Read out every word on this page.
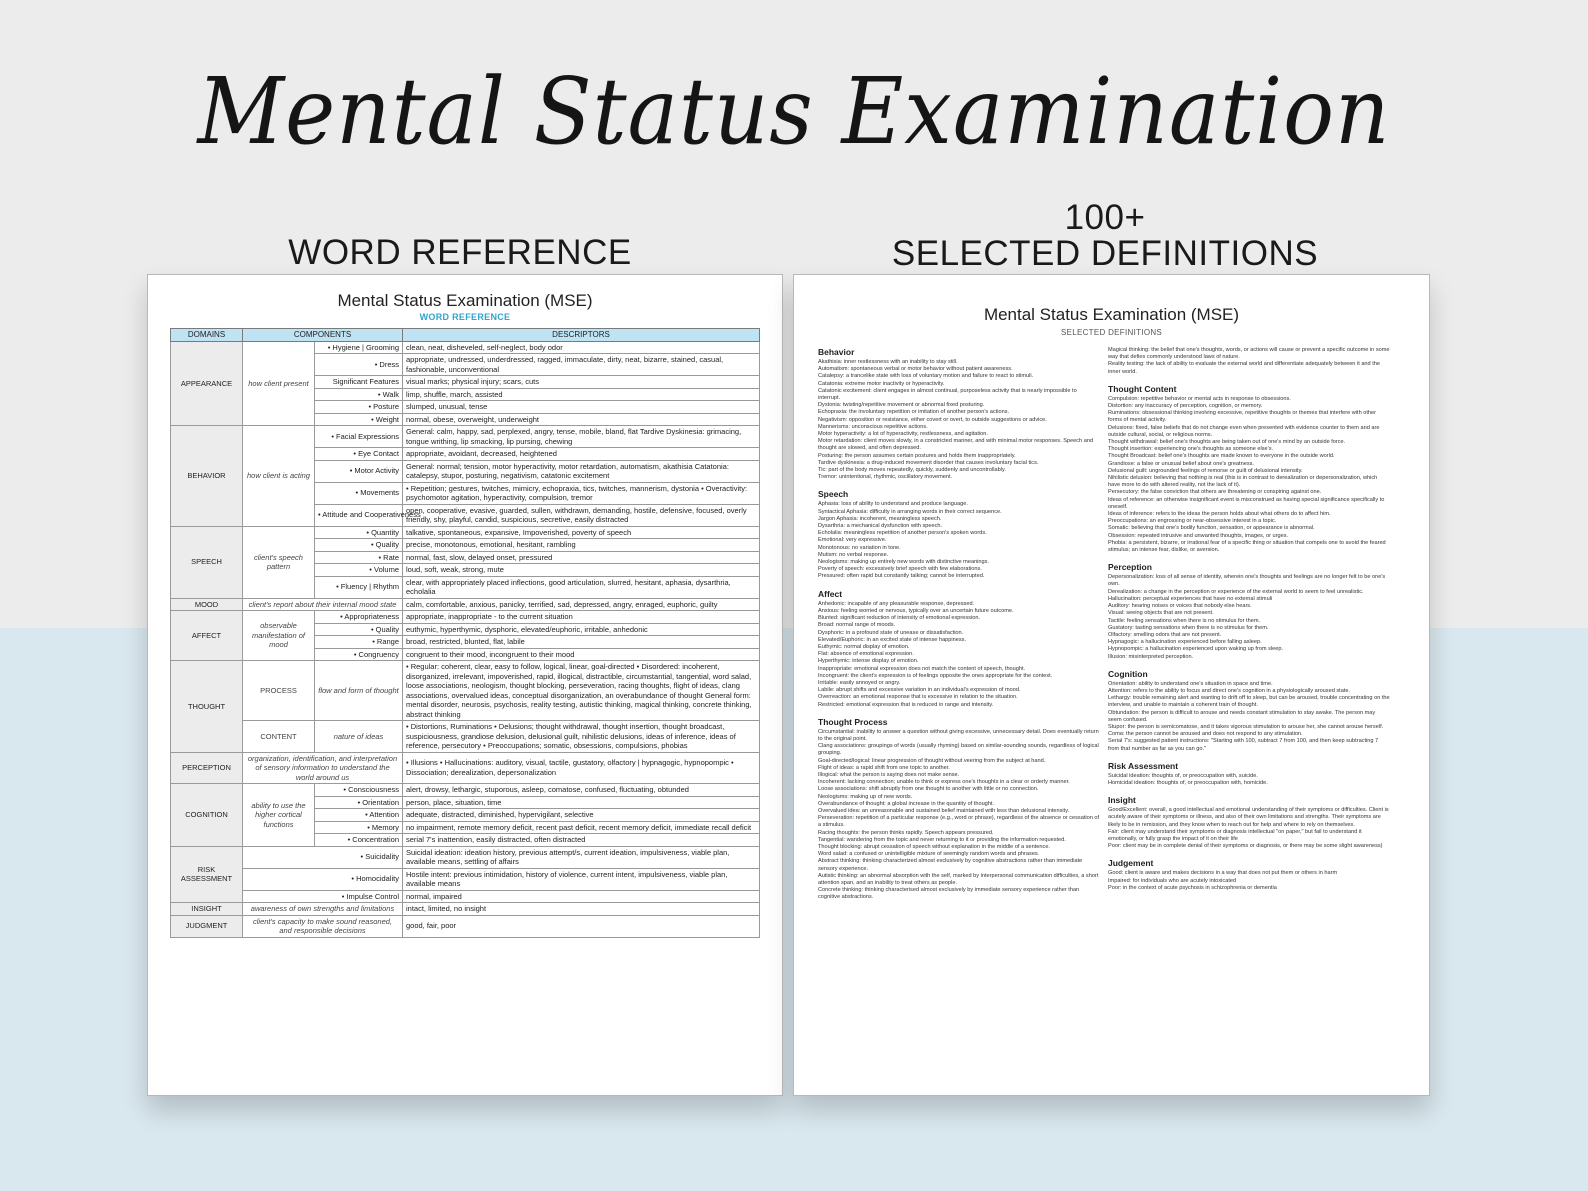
Mental Status Examination
WORD REFERENCE
100+
SELECTED DEFINITIONS
Mental Status Examination (MSE)
WORD REFERENCE
DOMAINS	COMPONENTS		DESCRIPTORS
APPEARANCE	how client present	• Hygiene | Grooming	clean, neat, disheveled, self-neglect, body odor
		• Dress	appropriate, undressed, underdressed, ragged, immaculate, dirty, neat, bizarre, stained, casual, fashionable, unconventional
		Significant Features	visual marks; physical injury; scars, cuts
		• Walk	limp, shuffle, march, assisted
		• Posture	slumped, unusual, tense
		• Weight	normal, obese, overweight, underweight
BEHAVIOR	how client is acting	• Facial Expressions	General: calm, happy, sad, perplexed, angry, tense, mobile, bland, flat Tardive Dyskinesia: grimacing, tongue writhing, lip smacking, lip pursing, chewing
		• Eye Contact	appropriate, avoidant, decreased, heightened
		• Motor Activity	General: normal; tension, motor hyperactivity, motor retardation, automatism, akathisia Catatonia: catalepsy, stupor, posturing, negativism, catatonic excitement
		• Movements	• Repetition; gestures, twitches, mimicry, echopraxia, tics, twitches, mannerism, dystonia • Overactivity: psychomotor agitation, hyperactivity, compulsion, tremor
		• Attitude and Cooperativeness	open, cooperative, evasive, guarded, sullen, withdrawn, demanding, hostile, defensive, focused, overly friendly, shy, playful, candid, suspicious, secretive, easily distracted
SPEECH	client's speech pattern	• Quantity	talkative, spontaneous, expansive, Impoverished, poverty of speech
		• Quality	precise, monotonous, emotional, hesitant, rambling
		• Rate	normal, fast, slow, delayed onset, pressured
		• Volume	loud, soft, weak, strong, mute
		• Fluency | Rhythm	clear, with appropriately placed inflections, good articulation, slurred, hesitant, aphasia, dysarthria, echolalia
MOOD	client's report about their internal mood state		calm, comfortable, anxious, panicky, terrified, sad, depressed, angry, enraged, euphoric, guilty
AFFECT	observable manifestation of mood	• Appropriateness	appropriate, inappropriate - to the current situation
		• Quality	euthymic, hyperthymic, dysphoric, elevated/euphoric, irritable, anhedonic
		• Range	broad, restricted, blunted, flat, labile
		• Congruency	congruent to their mood, incongruent to their mood
THOUGHT	PROCESS	flow and form of thought	• Regular: coherent, clear, easy to follow, logical, linear, goal-directed • Disordered: incoherent, disorganized, irrelevant, impoverished, rapid, illogical, distractible, circumstantial, tangential, word salad, loose associations, neologism, thought blocking, perseveration, racing thoughts, flight of ideas, clang associations, overvalued ideas, conceptual disorganization, an overabundance of thought General form: mental disorder, neurosis, psychosis, reality testing, autistic thinking, magical thinking, concrete thinking, abstract thinking
	CONTENT	nature of ideas	• Distortions, Ruminations • Delusions; thought withdrawal, thought insertion, thought broadcast, suspiciousness, grandiose delusion, delusional guilt, nihilistic delusions, ideas of inference, ideas of reference, persecutory • Preoccupations; somatic, obsessions, compulsions, phobias
PERCEPTION	organization, identification, and interpretation of sensory information to understand the world around us		• Illusions • Hallucinations: auditory, visual, tactile, gustatory, olfactory | hypnagogic, hypnopompic • Dissociation; derealization, depersonalization
COGNITION	ability to use the higher cortical functions	• Consciousness	alert, drowsy, lethargic, stuporous, asleep, comatose, confused, fluctuating, obtunded
		• Orientation	person, place, situation, time
		• Attention	adequate, distracted, diminished, hypervigilant, selective
		• Memory	no impairment, remote memory deficit, recent past deficit, recent memory deficit, immediate recall deficit
		• Concentration	serial 7's inattention, easily distracted, often distracted
RISK ASSESSMENT	• Suicidality		Suicidal ideation: ideation history, previous attempt/s, current ideation, impulsiveness, viable plan, available means, settling of affairs
	• Homocidality		Hostile intent: previous intimidation, history of violence, current intent, impulsiveness, viable plan, available means
	• Impulse Control		normal, impaired
INSIGHT	awareness of own strengths and limitations		intact, limited, no insight
JUDGMENT	client's capacity to make sound reasoned, and responsible decisions		good, fair, poor
Mental Status Examination (MSE)
SELECTED DEFINITIONS
Behavior
Akathisia: inner restlessness with an inability to stay still.
Automatism: spontaneous verbal or motor behavior without patient awareness.
Catalepsy: a trancelike state with loss of voluntary motion and failure to react to stimuli.
Catatonia: extreme motor inactivity or hyperactivity.
Catatonic excitement: client engages in almost continual, purposeless activity that is nearly impossible to interrupt.
Dystonia: twisting/repetitive movement or abnormal fixed posturing.
Echopraxia: the involuntary repetition or imitation of another person's actions.
Negativism: opposition or resistance, either covert or overt, to outside suggestions or advice.
Mannerisms: unconscious repetitive actions.
Motor hyperactivity: a lot of hyperactivity, restlessness, and agitation.
Motor retardation: client moves slowly, in a constricted manner, and with minimal motor responses. Speech and thought are slowed, and often depressed.
Posturing: the person assumes certain postures and holds them inappropriately.
Tardive dyskinesia: a drug-induced movement disorder that causes involuntary facial tics.
Tic: part of the body moves repeatedly, quickly, suddenly and uncontrollably.
Tremor: unintentional, rhythmic, oscillatory movement.
Speech
Aphasia: loss of ability to understand and produce language.
Syntactical Aphasia: difficulty in arranging words in their correct sequence.
Jargon Aphasia: incoherent, meaningless speech.
Dysarthria: a mechanical dysfunction with speech.
Echolalia: meaningless repetition of another person's spoken words.
Emotional: very expressive.
Monotonous: no variation in tone.
Mutism: no verbal response.
Neologisms: making up entirely new words with distinctive meanings.
Poverty of speech: excessively brief speech with few elaborations.
Pressured: often rapid but constantly talking; cannot be interrupted.
Affect
Anhedonic: incapable of any pleasurable response, depressed.
Anxious: feeling worried or nervous, typically over an uncertain future outcome.
Blunted: significant reduction of intensity of emotional expression.
Broad: normal range of moods.
Dysphoric: in a profound state of unease or dissatisfaction.
Elevated/Euphoric: in an excited state of intense happiness.
Euthymic: normal display of emotion.
Flat: absence of emotional expression.
Hyperthymic: intense display of emotion.
Inappropriate: emotional expression does not match the content of speech, thought.
Incongruent: the client's expression is of feelings opposite the ones appropriate for the context.
Irritable: easily annoyed or angry.
Labile: abrupt shifts and excessive variation in an individual's expression of mood.
Overreaction: an emotional response that is excessive in relation to the situation.
Restricted: emotional expression that is reduced in range and intensity.
Thought Process
Circumstantial: inability to answer a question without giving excessive, unnecessary detail. Does eventually return to the original point.
Clang associations: groupings of words (usually rhyming) based on similar-sounding sounds, regardless of logical grouping.
Goal-directed/logical: linear progression of thought without veering from the subject at hand.
Flight of ideas: a rapid shift from one topic to another.
Illogical: what the person is saying does not make sense.
Incoherent: lacking connection; unable to think or express one's thoughts in a clear or orderly manner.
Loose associations: shift abruptly from one thought to another with little or no connection.
Neologisms: making up of new words.
Overabundance of thought: a global increase in the quantity of thought.
Overvalued idea: an unreasonable and sustained belief maintained with less than delusional intensity.
Perseveration: repetition of a particular response (e.g., word or phrase), regardless of the absence or cessation of a stimulus.
Racing thoughts: the person thinks rapidly. Speech appears pressured.
Tangential: wandering from the topic and never returning to it or providing the information requested.
Thought blocking: abrupt cessation of speech without explanation in the middle of a sentence.
Word salad: a confused or unintelligible mixture of seemingly random words and phrases.
Abstract thinking: thinking characterized almost exclusively by cognitive abstractions rather than immediate sensory experience.
Autistic thinking: an abnormal absorption with the self, marked by interpersonal communication difficulties, a short attention span, and an inability to treat others as people.
Concrete thinking: thinking characterised almost exclusively by immediate sensory experience rather than cognitive abstractions.
Magical thinking: the belief that one's thoughts, words, or actions will cause or prevent a specific outcome in some way that defies commonly understood laws of nature.
Reality testing: the lack of ability to evaluate the external world and differentiate adequately between it and the inner world.
Thought Content
Compulsion: repetitive behavior or mental acts in response to obsessions.
Distortion: any inaccuracy of perception, cognition, or memory.
Ruminations: obsessional thinking involving excessive, repetitive thoughts or themes that interfere with other forms of mental activity.
Delusions: fixed, false beliefs that do not change even when presented with evidence counter to them and are outside cultural, social, or religious norms.
Thought withdrawal: belief one's thoughts are being taken out of one's mind by an outside force.
Thought insertion: experiencing one's thoughts as someone else's.
Thought Broadcast: belief one's thoughts are made known to everyone in the outside world.
Grandiose: a false or unusual belief about one's greatness.
Delusional guilt: ungrounded feelings of remorse or guilt of delusional intensity.
Nihilistic delusion: believing that nothing is real (this is in contrast to derealization or depersonalization, which have more to do with altered reality, not the lack of it).
Persecutory: the false conviction that others are threatening or conspiring against one.
Ideas of reference: an otherwise insignificant event is misconstrued as having special significance specifically to oneself.
Ideas of inference: refers to the ideas the person holds about what others do to affect him.
Preoccupations: an engrossing or near-obsessive interest in a topic.
Somatic: believing that one's bodily function, sensation, or appearance is abnormal.
Obsession: repeated intrusive and unwanted thoughts, images, or urges.
Phobia: a persistent, bizarre, or irrational fear of a specific thing or situation that compels one to avoid the feared stimulus; an intense fear, dislike, or aversion.
Perception
Depersonalization: loss of all sense of identity, wherein one's thoughts and feelings are no longer felt to be one's own.
Derealization: a change in the perception or experience of the external world to seem to feel unrealistic.
Hallucination: perceptual experiences that have no external stimuli
Auditory: hearing noises or voices that nobody else hears.
Visual: seeing objects that are not present.
Tactile: feeling sensations when there is no stimulus for them.
Gustatory: tasting sensations when there is no stimulus for them.
Olfactory: smelling odors that are not present.
Hypnagogic: a hallucination experienced before falling asleep.
Hypnopompic: a hallucination experienced upon waking up from sleep.
Illusion: misinterpreted perception.
Cognition
Orientation: ability to understand one's situation in space and time.
Attention: refers to the ability to focus and direct one's cognition in a physiologically aroused state.
Lethargy: trouble remaining alert and wanting to drift off to sleep, but can be aroused, trouble concentrating on the interview, and unable to maintain a coherent train of thought.
Obtundation: the person is difficult to arouse and needs constant stimulation to stay awake. The person may seem confused.
Stupor: the person is semicomatose, and it takes vigorous stimulation to arouse her, she cannot arouse herself.
Coma: the person cannot be aroused and does not respond to any stimulation.
Serial 7's: suggested patient instructions: "Starting with 100, subtract 7 from 100, and then keep subtracting 7 from that number as far as you can go."
Risk Assessment
Suicidal ideation: thoughts of, or preoccupation with, suicide.
Homicidal ideation: thoughts of, or preoccupation with, homicide.
Insight
Good/Excellent: overall, a good intellectual and emotional understanding of their symptoms or difficulties. Client is acutely aware of their symptoms or illness, and also of their own limitations and strengths. Their symptoms are likely to be in remission, and they know when to reach out for help and where to rely on themselves.
Fair: client may understand their symptoms or diagnosis intellectual "on paper," but fail to understand it emotionally, or fully grasp the impact of it on their life
Poor: client may be in complete denial of their symptoms or diagnosis, or there may be some slight awareness)
Judgement
Good: client is aware and makes decisions in a way that does not put them or others in harm
Impaired: for individuals who are acutely intoxicated
Poor: in the context of acute psychosis in schizophrenia or dementia
